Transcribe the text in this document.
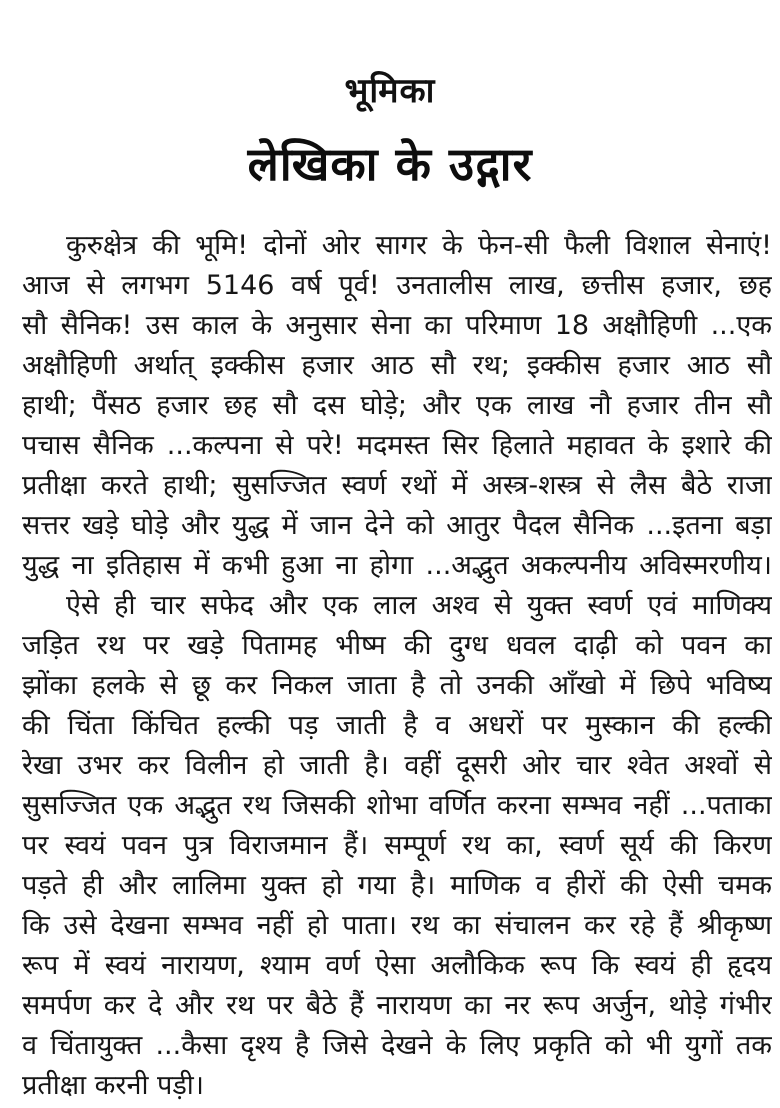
भूमिका
लेखिका के उद्गार
कुरुक्षेत्र की भूमि! दोनों ओर सागर के फेन-सी फैली विशाल सेनाएं!
आज से लगभग 5146 वर्ष पूर्व! उनतालीस लाख, छत्तीस हजार, छह
सौ सैनिक! उस काल के अनुसार सेना का परिमाण 18 अक्षौहिणी ...एक
अक्षौहिणी अर्थात् इक्कीस हजार आठ सौ रथ; इक्कीस हजार आठ सौ
हाथी; पैंसठ हजार छह सौ दस घोड़े; और एक लाख नौ हजार तीन सौ
पचास सैनिक ...कल्पना से परे! मदमस्त सिर हिलाते महावत के इशारे की
प्रतीक्षा करते हाथी; सुसज्जित स्वर्ण रथों में अस्त्र-शस्त्र से लैस बैठे राजा
सत्तर खड़े घोड़े और युद्ध में जान देने को आतुर पैदल सैनिक ...इतना बड़ा
युद्ध ना इतिहास में कभी हुआ ना होगा ...अद्भुत अकल्पनीय अविस्मरणीय।
ऐसे ही चार सफेद और एक लाल अश्व से युक्त स्वर्ण एवं माणिक्य
जड़ित रथ पर खड़े पितामह भीष्म की दुग्ध धवल दाढ़ी को पवन का
झोंका हलके से छू कर निकल जाता है तो उनकी आँखो में छिपे भविष्य
की चिंता किंचित हल्की पड़ जाती है व अधरों पर मुस्कान की हल्की
रेखा उभर कर विलीन हो जाती है। वहीं दूसरी ओर चार श्वेत अश्वों से
सुसज्जित एक अद्भुत रथ जिसकी शोभा वर्णित करना सम्भव नहीं ...पताका
पर स्वयं पवन पुत्र विराजमान हैं। सम्पूर्ण रथ का, स्वर्ण सूर्य की किरण
पड़ते ही और लालिमा युक्त हो गया है। माणिक व हीरों की ऐसी चमक
कि उसे देखना सम्भव नहीं हो पाता। रथ का संचालन कर रहे हैं श्रीकृष्ण
रूप में स्वयं नारायण, श्याम वर्ण ऐसा अलौकिक रूप कि स्वयं ही हृदय
समर्पण कर दे और रथ पर बैठे हैं नारायण का नर रूप अर्जुन, थोड़े गंभीर
व चिंतायुक्त ...कैसा दृश्य है जिसे देखने के लिए प्रकृति को भी युगों तक
प्रतीक्षा करनी पड़ी।
